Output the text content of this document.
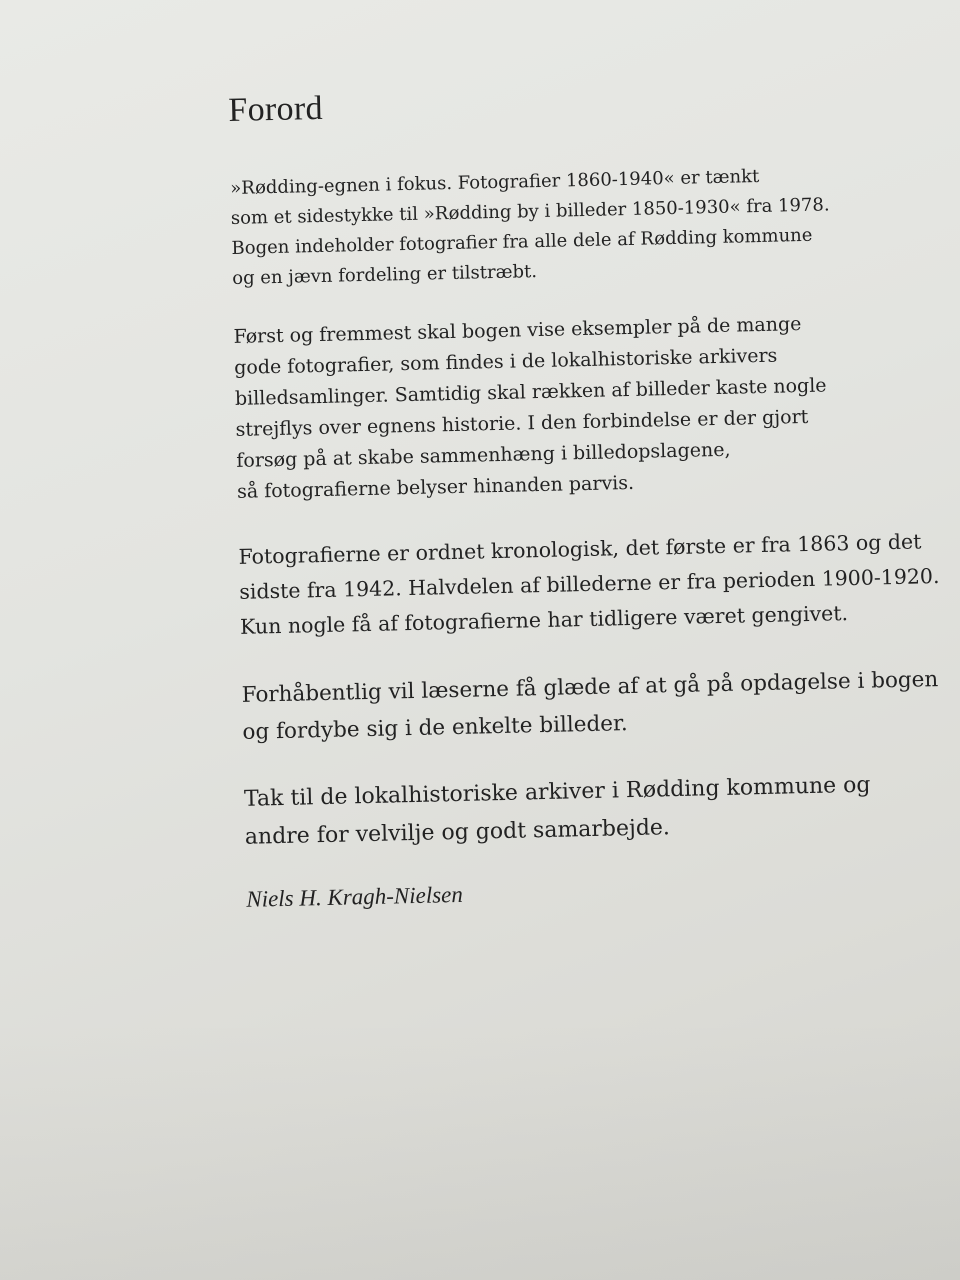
Forord
»Rødding-egnen i fokus. Fotografier 1860-1940« er tænkt
som et sidestykke til »Rødding by i billeder 1850-1930« fra 1978.
Bogen indeholder fotografier fra alle dele af Rødding kommune
og en jævn fordeling er tilstræbt.
Først og fremmest skal bogen vise eksempler på de mange
gode fotografier, som findes i de lokalhistoriske arkivers
billedsamlinger. Samtidig skal rækken af billeder kaste nogle
strejflys over egnens historie. I den forbindelse er der gjort
forsøg på at skabe sammenhæng i billedopslagene,
så fotografierne belyser hinanden parvis.
Fotografierne er ordnet kronologisk, det første er fra 1863 og det
sidste fra 1942. Halvdelen af billederne er fra perioden 1900-1920.
Kun nogle få af fotografierne har tidligere været gengivet.
Forhåbentlig vil læserne få glæde af at gå på opdagelse i bogen
og fordybe sig i de enkelte billeder.
Tak til de lokalhistoriske arkiver i Rødding kommune og
andre for velvilje og godt samarbejde.
Niels H. Kragh-Nielsen
